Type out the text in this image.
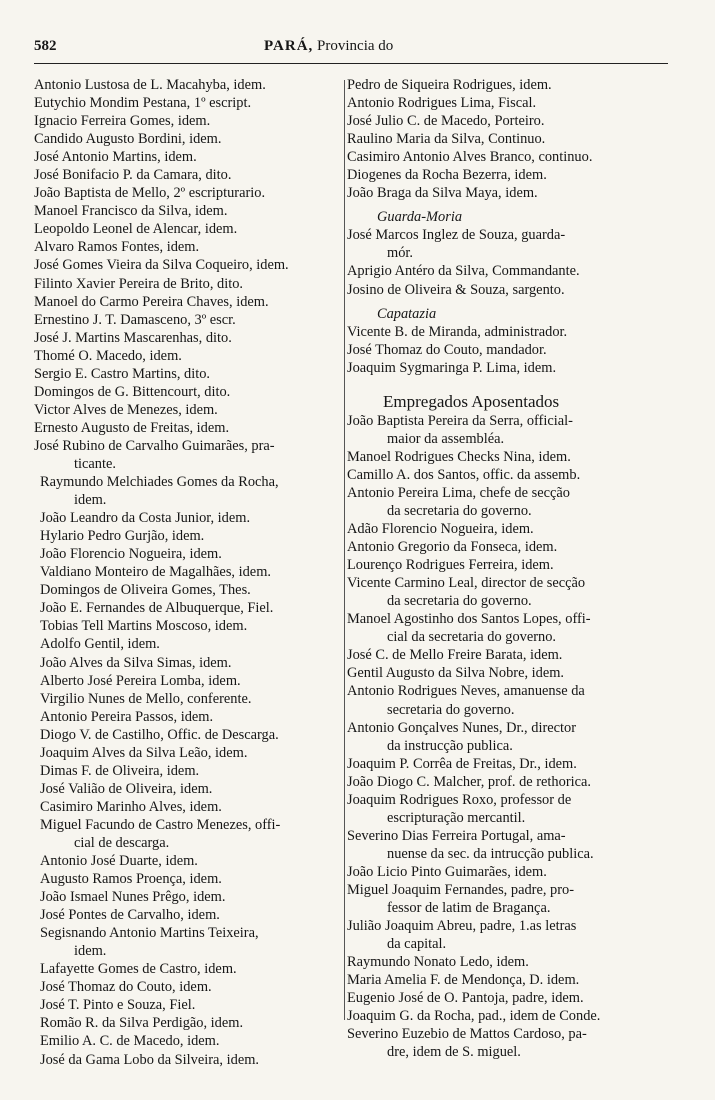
582	PARÁ, Provincia do
Antonio Lustosa de L. Macahyba, idem.
Eutychio Mondim Pestana, 1º escript.
Ignacio Ferreira Gomes, idem.
Candido Augusto Bordini, idem.
José Antonio Martins, idem.
José Bonifacio P. da Camara, dito.
João Baptista de Mello, 2º escripturario.
Manoel Francisco da Silva, idem.
Leopoldo Leonel de Alencar, idem.
Alvaro Ramos Fontes, idem.
José Gomes Vieira da Silva Coqueiro, idem.
Filinto Xavier Pereira de Brito, dito.
Manoel do Carmo Pereira Chaves, idem.
Ernestino J. T. Damasceno, 3º escr.
José J. Martins Mascarenhas, dito.
Thomé O. Macedo, idem.
Sergio E. Castro Martins, dito.
Domingos de G. Bittencourt, dito.
Victor Alves de Menezes, idem.
Ernesto Augusto de Freitas, idem.
José Rubino de Carvalho Guimarães, pra-
ticante.
Raymundo Melchiades Gomes da Rocha,
idem.
João Leandro da Costa Junior, idem.
Hylario Pedro Gurjão, idem.
João Florencio Nogueira, idem.
Valdiano Monteiro de Magalhães, idem.
Domingos de Oliveira Gomes, Thes.
João E. Fernandes de Albuquerque, Fiel.
Tobias Tell Martins Moscoso, idem.
Adolfo Gentil, idem.
João Alves da Silva Simas, idem.
Alberto José Pereira Lomba, idem.
Virgilio Nunes de Mello, conferente.
Antonio Pereira Passos, idem.
Diogo V. de Castilho, Offic. de Descarga.
Joaquim Alves da Silva Leão, idem.
Dimas F. de Oliveira, idem.
José Valião de Oliveira, idem.
Casimiro Marinho Alves, idem.
Miguel Facundo de Castro Menezes, offi-
cial de descarga.
Antonio José Duarte, idem.
Augusto Ramos Proença, idem.
João Ismael Nunes Prêgo, idem.
José Pontes de Carvalho, idem.
Segisnando Antonio Martins Teixeira,
idem.
Lafayette Gomes de Castro, idem.
José Thomaz do Couto, idem.
José T. Pinto e Souza, Fiel.
Romão R. da Silva Perdigão, idem.
Emilio A. C. de Macedo, idem.
José da Gama Lobo da Silveira, idem.
Pedro de Siqueira Rodrigues, idem.
Antonio Rodrigues Lima, Fiscal.
José Julio C. de Macedo, Porteiro.
Raulino Maria da Silva, Continuo.
Casimiro Antonio Alves Branco, continuo.
Diogenes da Rocha Bezerra, idem.
João Braga da Silva Maya, idem.
Guarda-Moria
José Marcos Inglez de Souza, guarda-
mór.
Aprigio Antéro da Silva, Commandante.
Josino de Oliveira & Souza, sargento.
Capatazia
Vicente B. de Miranda, administrador.
José Thomaz do Couto, mandador.
Joaquim Sygmaringa P. Lima, idem.
Empregados Aposentados
João Baptista Pereira da Serra, official-
maior da assembléa.
Manoel Rodrigues Checks Nina, idem.
Camillo A. dos Santos, offic. da assemb.
Antonio Pereira Lima, chefe de secção
da secretaria do governo.
Adão Florencio Nogueira, idem.
Antonio Gregorio da Fonseca, idem.
Lourenço Rodrigues Ferreira, idem.
Vicente Carmino Leal, director de secção
da secretaria do governo.
Manoel Agostinho dos Santos Lopes, offi-
cial da secretaria do governo.
José C. de Mello Freire Barata, idem.
Gentil Augusto da Silva Nobre, idem.
Antonio Rodrigues Neves, amanuense da
secretaria do governo.
Antonio Gonçalves Nunes, Dr., director
da instrucção publica.
Joaquim P. Corrêa de Freitas, Dr., idem.
João Diogo C. Malcher, prof. de rethorica.
Joaquim Rodrigues Roxo, professor de
escripturação mercantil.
Severino Dias Ferreira Portugal, ama-
nuense da sec. da intrucção publica.
João Licio Pinto Guimarães, idem.
Miguel Joaquim Fernandes, padre, pro-
fessor de latim de Bragança.
Julião Joaquim Abreu, padre, 1.as letras
da capital.
Raymundo Nonato Ledo, idem.
Maria Amelia F. de Mendonça, D. idem.
Eugenio José de O. Pantoja, padre, idem.
Joaquim G. da Rocha, pad., idem de Conde.
Severino Euzebio de Mattos Cardoso, pa-
dre, idem de S. miguel.
